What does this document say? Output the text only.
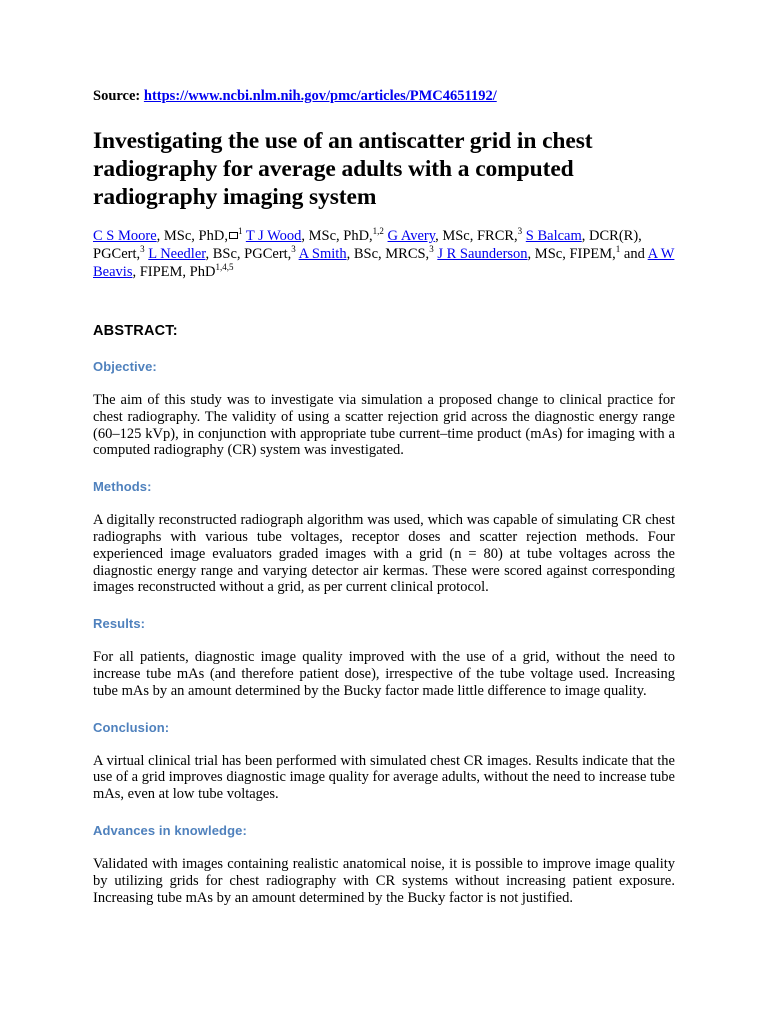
Source: https://www.ncbi.nlm.nih.gov/pmc/articles/PMC4651192/

Investigating the use of an antiscatter grid in chest radiography for average adults with a computed radiography imaging system

C S Moore, MSc, PhD, $^1$ T J Wood, MSc, PhD,$^{1,2}$ G Avery, MSc, FRCR,$^3$ S Balcam, DCR(R), PGCert,$^3$ L Needler, BSc, PGCert,$^3$ A Smith, BSc, MRCS,$^3$ J R Saunderson, MSc, FIPEM,$^1$ and A W Beavis, FIPEM, PhD$^{1,4,5}$

ABSTRACT:

Objective:

The aim of this study was to investigate via simulation a proposed change to clinical practice for chest radiography. The validity of using a scatter rejection grid across the diagnostic energy range (60–125 kVp), in conjunction with appropriate tube current–time product (mAs) for imaging with a computed radiography (CR) system was investigated.

Methods:

A digitally reconstructed radiograph algorithm was used, which was capable of simulating CR chest radiographs with various tube voltages, receptor doses and scatter rejection methods. Four experienced image evaluators graded images with a grid (n = 80) at tube voltages across the diagnostic energy range and varying detector air kermas. These were scored against corresponding images reconstructed without a grid, as per current clinical protocol.

Results:

For all patients, diagnostic image quality improved with the use of a grid, without the need to increase tube mAs (and therefore patient dose), irrespective of the tube voltage used. Increasing tube mAs by an amount determined by the Bucky factor made little difference to image quality.

Conclusion:

A virtual clinical trial has been performed with simulated chest CR images. Results indicate that the use of a grid improves diagnostic image quality for average adults, without the need to increase tube mAs, even at low tube voltages.

Advances in knowledge:

Validated with images containing realistic anatomical noise, it is possible to improve image quality by utilizing grids for chest radiography with CR systems without increasing patient exposure. Increasing tube mAs by an amount determined by the Bucky factor is not justified.
